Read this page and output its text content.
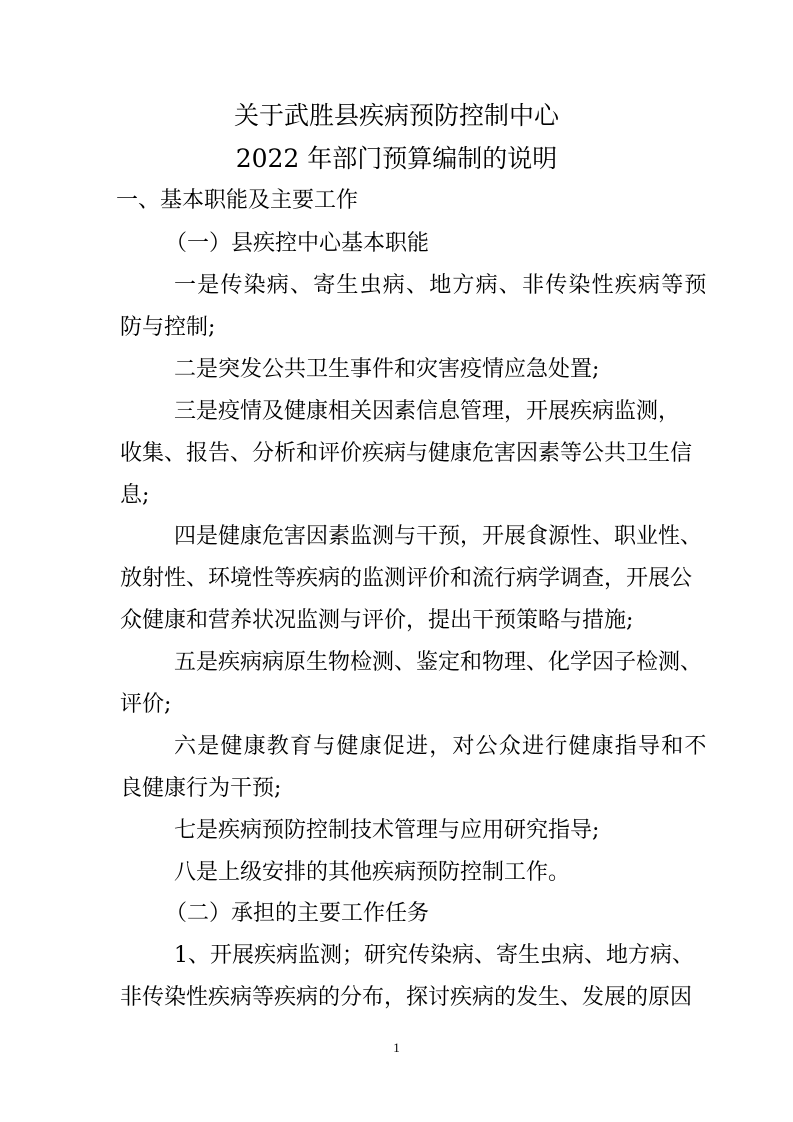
关于武胜县疾病预防控制中心
2022 年部门预算编制的说明
一、基本职能及主要工作
（一）县疾控中心基本职能
一是传染病、寄生虫病、地方病、非传染性疾病等预
防与控制;
二是突发公共卫生事件和灾害疫情应急处置;
三是疫情及健康相关因素信息管理，开展疾病监测，
收集、报告、分析和评价疾病与健康危害因素等公共卫生信
息;
四是健康危害因素监测与干预，开展食源性、职业性、
放射性、环境性等疾病的监测评价和流行病学调查，开展公
众健康和营养状况监测与评价，提出干预策略与措施;
五是疾病病原生物检测、鉴定和物理、化学因子检测、
评价;
六是健康教育与健康促进，对公众进行健康指导和不
良健康行为干预;
七是疾病预防控制技术管理与应用研究指导;
八是上级安排的其他疾病预防控制工作。
（二）承担的主要工作任务
1、开展疾病监测；研究传染病、寄生虫病、地方病、
非传染性疾病等疾病的分布，探讨疾病的发生、发展的原因
1
